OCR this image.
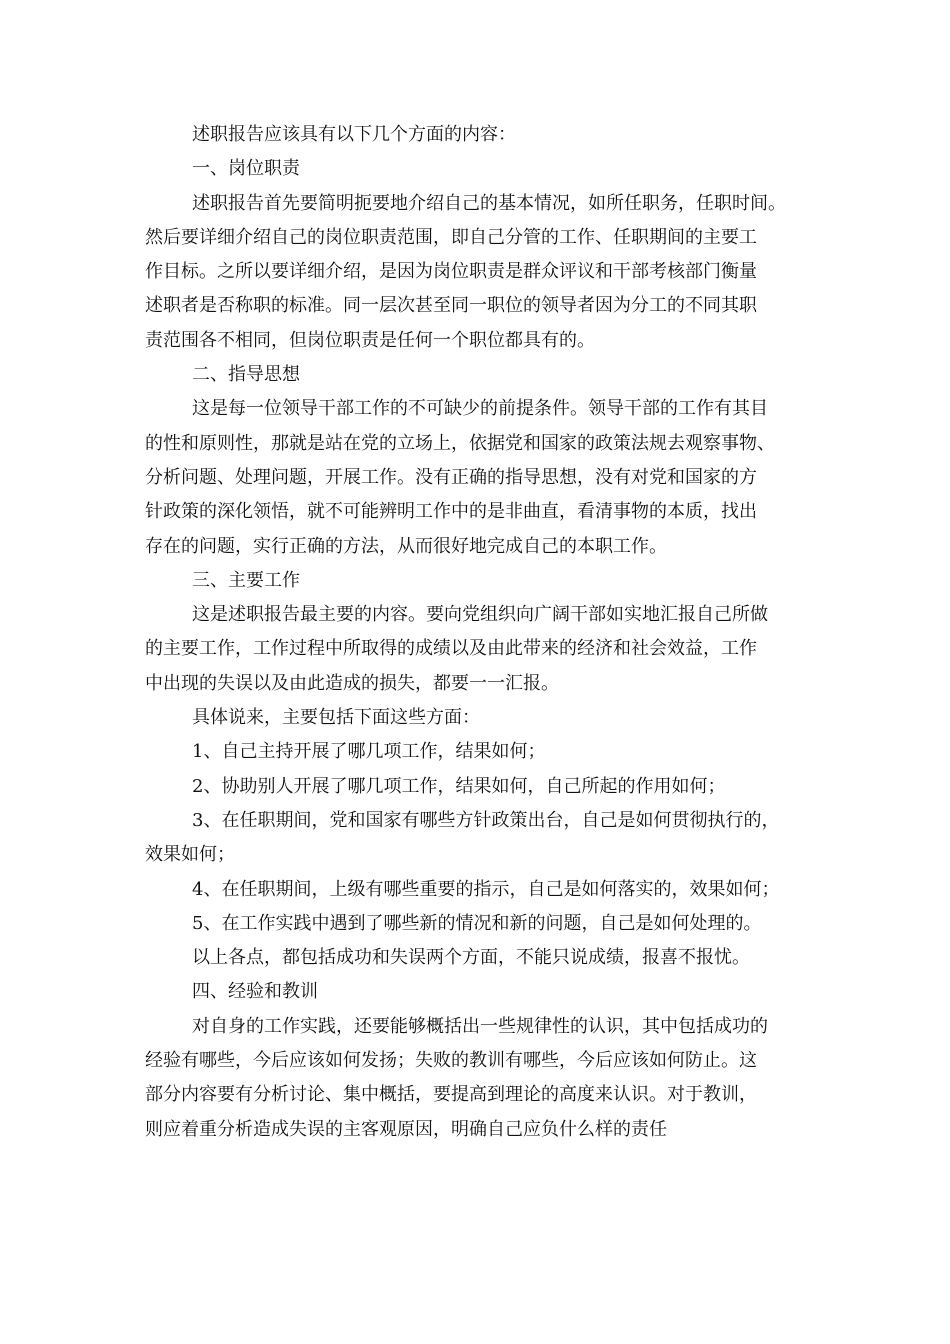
述职报告应该具有以下几个方面的内容：
一、岗位职责
述职报告首先要简明扼要地介绍自己的基本情况，如所任职务，任职时间。
然后要详细介绍自己的岗位职责范围，即自己分管的工作、任职期间的主要工
作目标。之所以要详细介绍，是因为岗位职责是群众评议和干部考核部门衡量
述职者是否称职的标准。同一层次甚至同一职位的领导者因为分工的不同其职
责范围各不相同，但岗位职责是任何一个职位都具有的。
二、指导思想
这是每一位领导干部工作的不可缺少的前提条件。领导干部的工作有其目
的性和原则性，那就是站在党的立场上，依据党和国家的政策法规去观察事物、
分析问题、处理问题，开展工作。没有正确的指导思想，没有对党和国家的方
针政策的深化领悟，就不可能辨明工作中的是非曲直，看清事物的本质，找出
存在的问题，实行正确的方法，从而很好地完成自己的本职工作。
三、主要工作
这是述职报告最主要的内容。要向党组织向广阔干部如实地汇报自己所做
的主要工作，工作过程中所取得的成绩以及由此带来的经济和社会效益，工作
中出现的失误以及由此造成的损失，都要一一汇报。
具体说来，主要包括下面这些方面：
1、自己主持开展了哪几项工作，结果如何；
2、协助别人开展了哪几项工作，结果如何，自己所起的作用如何；
3、在任职期间，党和国家有哪些方针政策出台，自己是如何贯彻执行的，
效果如何；
4、在任职期间，上级有哪些重要的指示，自己是如何落实的，效果如何；
5、在工作实践中遇到了哪些新的情况和新的问题，自己是如何处理的。
以上各点，都包括成功和失误两个方面，不能只说成绩，报喜不报忧。
四、经验和教训
对自身的工作实践，还要能够概括出一些规律性的认识，其中包括成功的
经验有哪些，今后应该如何发扬；失败的教训有哪些，今后应该如何防止。这
部分内容要有分析讨论、集中概括，要提高到理论的高度来认识。对于教训，
则应着重分析造成失误的主客观原因，明确自己应负什么样的责任
